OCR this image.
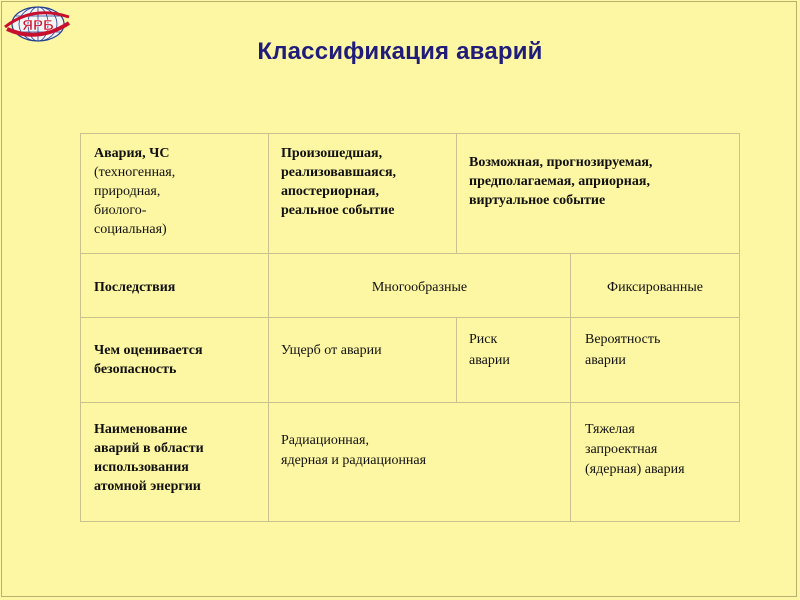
ЯРБ
Классификация аварий
Авария, ЧС
(техногенная,
природная,
биолого-
социальная)
Произошедшая,
реализовавшаяся,
апостериорная,
реальное событие
Возможная, прогнозируемая,
предполагаемая, априорная,
виртуальное событие
Последствия	Многообразные	Фиксированные
Чем оценивается
безопасность
Ущерб от аварии
Риск
аварии
Вероятность
аварии
Наименование
аварий в области
использования
атомной энергии
Радиационная,
ядерная и радиационная
Тяжелая
запроектная
(ядерная) авария
